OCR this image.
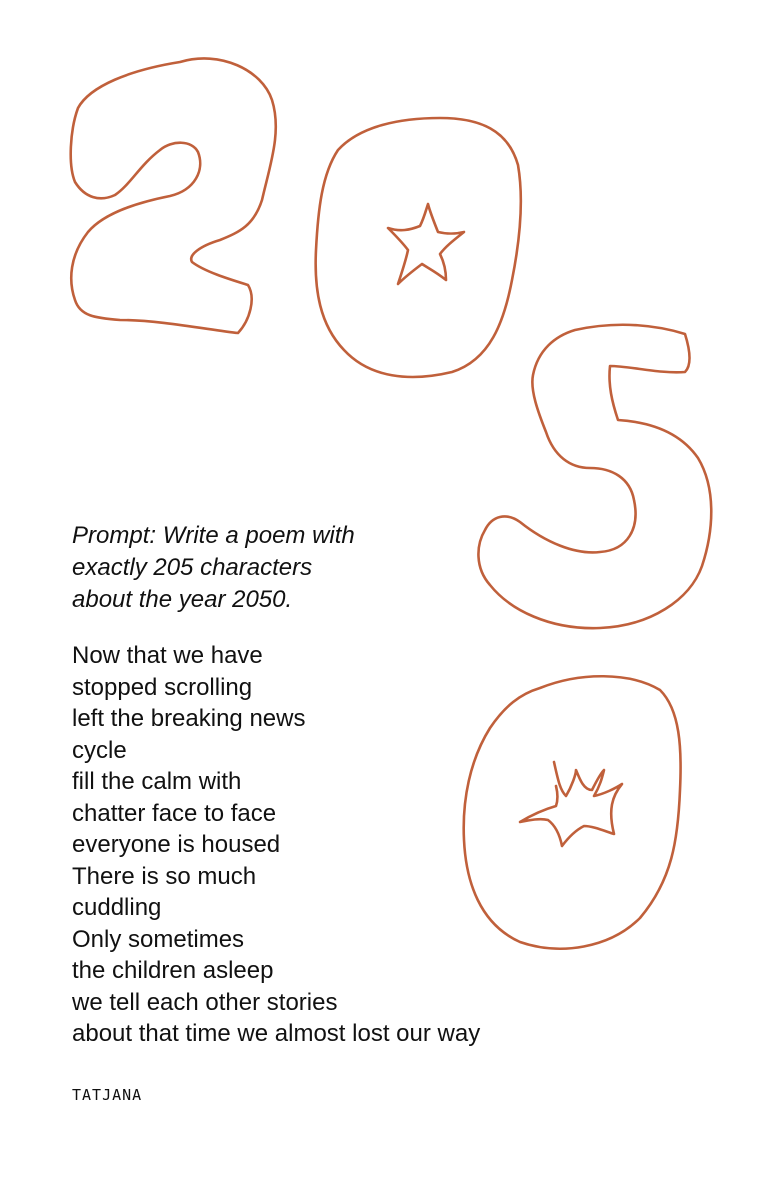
Prompt: Write a poem with
exactly 205 characters
about the year 2050.
Now that we have
stopped scrolling
left the breaking news
cycle
fill the calm with
chatter face to face
everyone is housed
There is so much
cuddling
Only sometimes
the children asleep
we tell each other stories
about that time we almost lost our way
TATJANA
